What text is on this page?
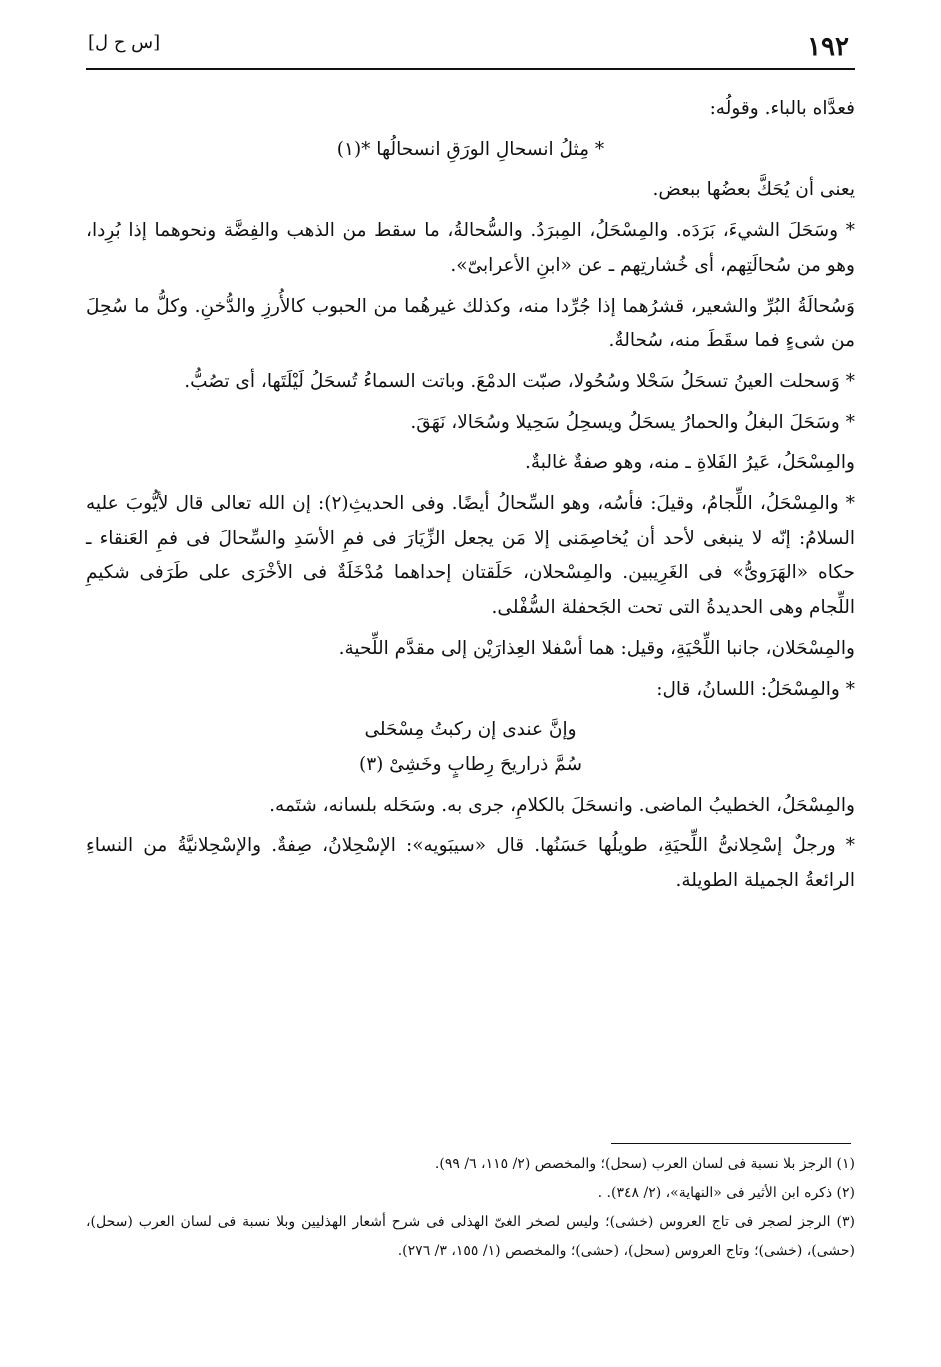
١٩٢
[س ح ل]

فعدَّاه بالباء. وقولُه:

* مِثلُ انسحالِ الورَقِ انسحالُها *(١)

يعنى أن يُحَكَّ بعضُها ببعض.

* وسَحَلَ الشيءَ، بَرَدَه. والمِسْحَلُ، المِبرَدُ. والسُّحالةُ، ما سقط من الذهب والفِضَّة ونحوهما إذا بُرِدا، وهو من سُحالَتِهم، أى خُشارتِهم ـ عن «ابنِ الأعرابىّ».

وَسُحالَةُ البُرِّ والشعير، قشرُهما إذا جُرِّدا منه، وكذلك غيرهُما من الحبوب كالأُرزِ والدُّخنِ. وكلُّ ما سُحِلَ من شىءٍ فما سقَطَ منه، سُحالةٌ.

* وَسحلت العينُ تسحَلُ سَحْلا وسُحُولا، صبّت الدمْعَ. وباتت السماءُ تُسحَلُ لَيْلَتَها، أى تصُبُّ.

* وسَحَلَ البغلُ والحمارُ يسحَلُ ويسحِلُ سَحِيلا وسُحَالا، نَهَقَ.

والمِسْحَلُ، عَيرُ الفَلاةِ ـ منه، وهو صفةٌ غالبةٌ.

* والمِسْحَلُ، اللِّجامُ، وقيلَ: فأسُه، وهو السِّحالُ أيضًا. وفى الحديثِ(٢): إن الله تعالى قال لأيُّوبَ عليه السلامُ: إنّه لا ينبغى لأحد أن يُخاصِمَنى إلا مَن يجعل الزِّيَارَ فى فمِ الأسَدِ والسِّحالَ فى فمِ العَنقاء ـ حكاه «الهَرَوىُّ» فى الغَرِيبين. والمِسْحلان، حَلَقتان إحداهما مُدْخَلَةٌ فى الأخْرَى على طَرَفى شكيمِ اللِّجام وهى الحديدةُ التى تحت الجَحفلة السُّفْلى.

والمِسْحَلان، جانبا اللِّحْيَةِ، وقيل: هما أسْفلا العِذارَيْن إلى مقدَّم اللِّحية.

* والمِسْحَلُ: اللسانُ، قال:

وإنَّ عندى إن ركبتُ مِسْحَلى

سُمَّ ذراريحَ رِطابٍ وخَشِىْ (٣)

والمِسْحَلُ، الخطيبُ الماضى. وانسحَلَ بالكلامِ، جرى به. وسَحَله بلسانه، شتَمه.

* ورجلٌ إسْحِلانىُّ اللِّحيَةِ، طويلُها حَسَنُها. قال «سيبَويه»: الإسْحِلانُ، صِفةٌ. والإسْحِلانيَّةُ من النساءِ الرائعةُ الجميلة الطويلة.

(١) الرجز بلا نسبة فى لسان العرب (سحل)؛ والمخصص (٢/ ١١٥، ٦/ ٩٩).

(٢) ذكره ابن الأثير فى «النهاية»، (٢/ ٣٤٨). .

(٣) الرجز لصجر فى تاج العروس (خشى)؛ وليس لصخر الغىّ الهذلى فى شرح أشعار الهذليين وبلا نسبة فى لسان العرب (سحل)، (حشى)، (خشى)؛ وتاج العروس (سحل)، (حشى)؛ والمخصص (١/ ١٥٥، ٣/ ٢٧٦).
